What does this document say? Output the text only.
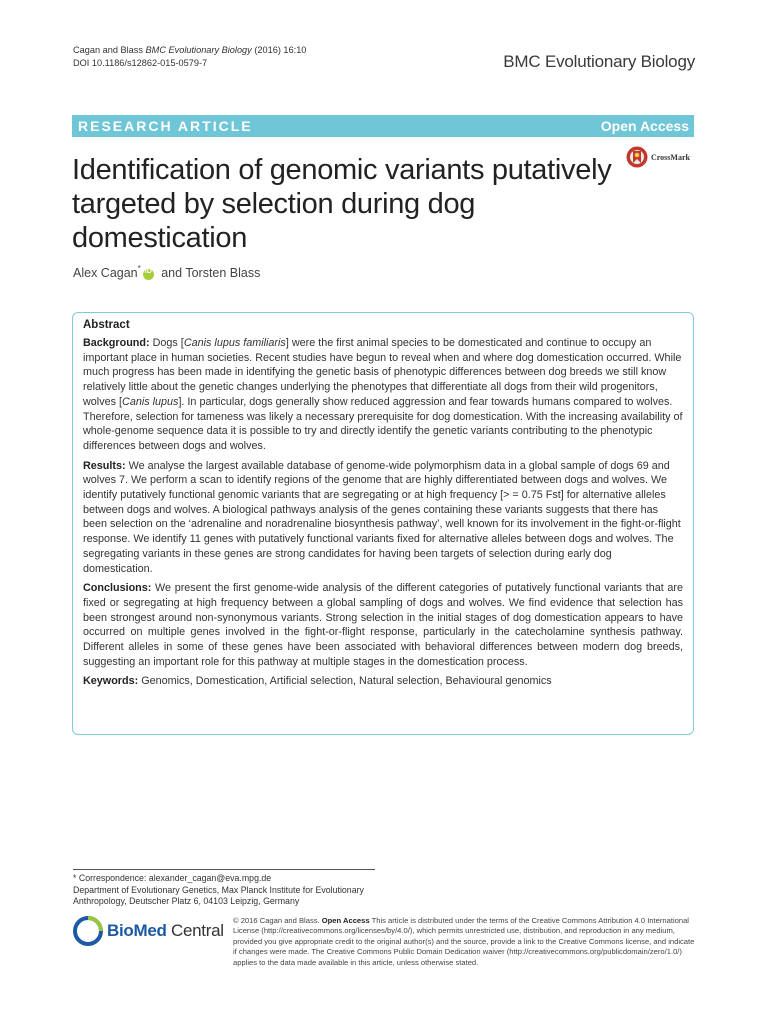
Cagan and Blass BMC Evolutionary Biology (2016) 16:10
DOI 10.1186/s12862-015-0579-7	BMC Evolutionary Biology
RESEARCH ARTICLE	Open Access
Identification of genomic variants putatively targeted by selection during dog domestication
CrossMark
Alex Cagan* iD and Torsten Blass
Abstract

Background: Dogs [Canis lupus familiaris] were the first animal species to be domesticated and continue to occupy an important place in human societies. Recent studies have begun to reveal when and where dog domestication occurred. While much progress has been made in identifying the genetic basis of phenotypic differences between dog breeds we still know relatively little about the genetic changes underlying the phenotypes that differentiate all dogs from their wild progenitors, wolves [Canis lupus]. In particular, dogs generally show reduced aggression and fear towards humans compared to wolves. Therefore, selection for tameness was likely a necessary prerequisite for dog domestication. With the increasing availability of whole-genome sequence data it is possible to try and directly identify the genetic variants contributing to the phenotypic differences between dogs and wolves.

Results: We analyse the largest available database of genome-wide polymorphism data in a global sample of dogs 69 and wolves 7. We perform a scan to identify regions of the genome that are highly differentiated between dogs and wolves. We identify putatively functional genomic variants that are segregating or at high frequency [> = 0.75 Fst] for alternative alleles between dogs and wolves. A biological pathways analysis of the genes containing these variants suggests that there has been selection on the ‘adrenaline and noradrenaline biosynthesis pathway’, well known for its involvement in the fight-or-flight response. We identify 11 genes with putatively functional variants fixed for alternative alleles between dogs and wolves. The segregating variants in these genes are strong candidates for having been targets of selection during early dog domestication.

Conclusions: We present the first genome-wide analysis of the different categories of putatively functional variants that are fixed or segregating at high frequency between a global sampling of dogs and wolves. We find evidence that selection has been strongest around non-synonymous variants. Strong selection in the initial stages of dog domestication appears to have occurred on multiple genes involved in the fight-or-flight response, particularly in the catecholamine synthesis pathway. Different alleles in some of these genes have been associated with behavioral differences between modern dog breeds, suggesting an important role for this pathway at multiple stages in the domestication process.

Keywords: Genomics, Domestication, Artificial selection, Natural selection, Behavioural genomics

* Correspondence: alexander_cagan@eva.mpg.de
Department of Evolutionary Genetics, Max Planck Institute for Evolutionary Anthropology, Deutscher Platz 6, 04103 Leipzig, Germany
BioMed Central
© 2016 Cagan and Blass. Open Access This article is distributed under the terms of the Creative Commons Attribution 4.0 International License (http://creativecommons.org/licenses/by/4.0/), which permits unrestricted use, distribution, and reproduction in any medium, provided you give appropriate credit to the original author(s) and the source, provide a link to the Creative Commons license, and indicate if changes were made. The Creative Commons Public Domain Dedication waiver (http://creativecommons.org/publicdomain/zero/1.0/) applies to the data made available in this article, unless otherwise stated.
